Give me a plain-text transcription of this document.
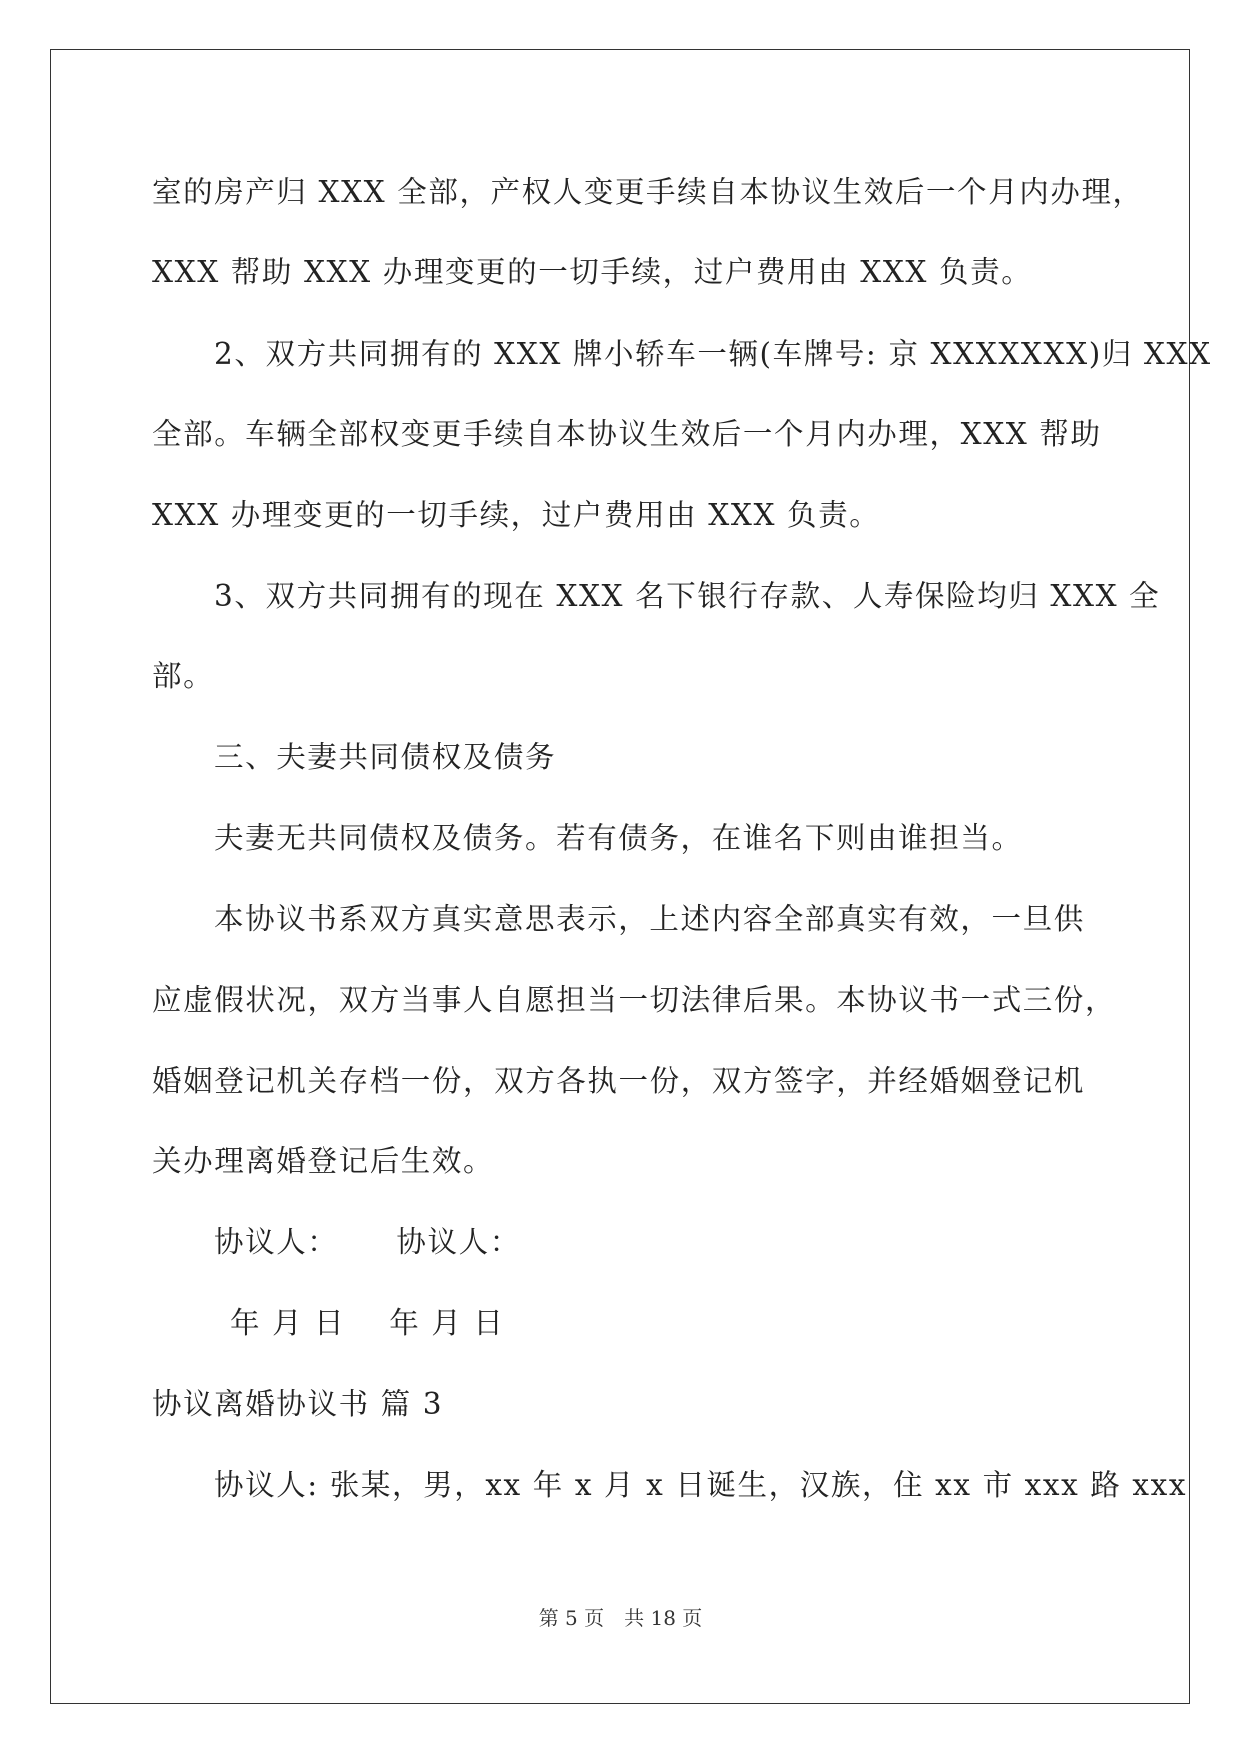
室的房产归 XXX 全部，产权人变更手续自本协议生效后一个月内办理，
XXX 帮助 XXX 办理变更的一切手续，过户费用由 XXX 负责。
2、双方共同拥有的 XXX 牌小轿车一辆(车牌号: 京 XXXXXXX)归 XXX
全部。车辆全部权变更手续自本协议生效后一个月内办理，XXX 帮助
XXX 办理变更的一切手续，过户费用由 XXX 负责。
3、双方共同拥有的现在 XXX 名下银行存款、人寿保险均归 XXX 全
部。
三、夫妻共同债权及债务
夫妻无共同债权及债务。若有债务，在谁名下则由谁担当。
本协议书系双方真实意思表示，上述内容全部真实有效，一旦供
应虚假状况，双方当事人自愿担当一切法律后果。本协议书一式三份，
婚姻登记机关存档一份，双方各执一份，双方签字，并经婚姻登记机
关办理离婚登记后生效。
协议人： 协议人：
年 月 日 年 月 日
协议离婚协议书 篇 3
协议人: 张某，男，xx 年 x 月 x 日诞生，汉族，住 xx 市 xxx 路 xxx
第 5 页　共 18 页
